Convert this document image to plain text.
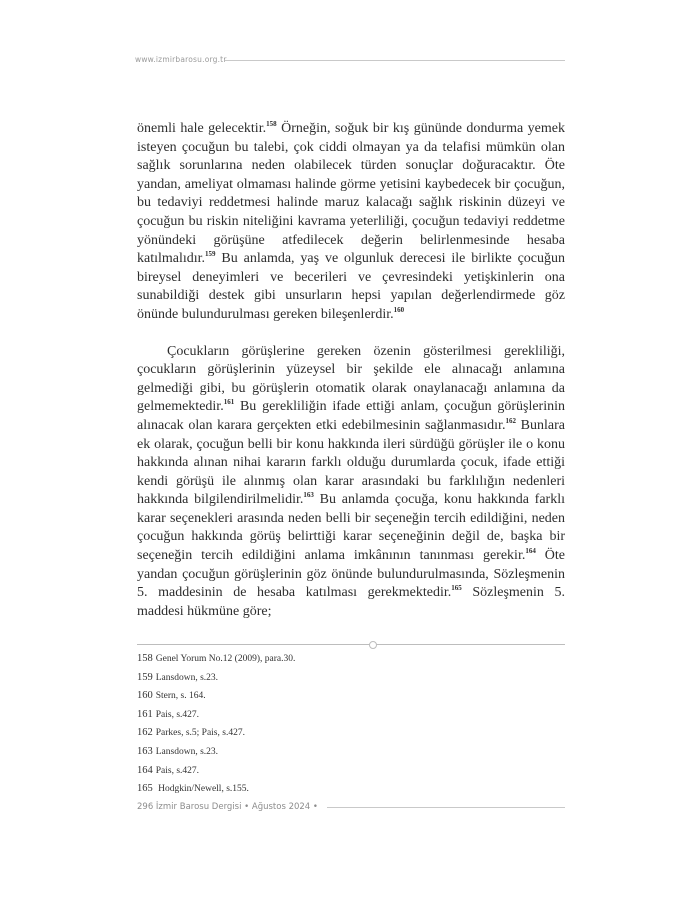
www.izmirbarosu.org.tr

önemli hale gelecektir.$^{158}$ Örneğin, soğuk bir kış gününde dondurma yemek isteyen çocuğun bu talebi, çok ciddi olmayan ya da telafisi mümkün olan sağlık sorunlarına neden olabilecek türden sonuçlar doğuracaktır. Öte yandan, ameliyat olmaması halinde görme yetisini kaybedecek bir çocuğun, bu tedaviyi reddetmesi halinde maruz kalacağı sağlık riskinin düzeyi ve çocuğun bu riskin niteliğini kavrama yeterliliği, çocuğun tedaviyi reddetme yönündeki görüşüne atfedilecek değerin belirlenmesinde hesaba katılmalıdır.$^{159}$ Bu anlamda, yaş ve olgunluk derecesi ile birlikte çocuğun bireysel deneyimleri ve becerileri ve çevresindeki yetişkinlerin ona sunabildiği destek gibi unsurların hepsi yapılan değerlendirmede göz önünde bulundurulması gereken bileşenlerdir.$^{160}$

Çocukların görüşlerine gereken özenin gösterilmesi gerekliliği, çocukların görüşlerinin yüzeysel bir şekilde ele alınacağı anlamına gelmediği gibi, bu görüşlerin otomatik olarak onaylanacağı anlamına da gelmemektedir.$^{161}$ Bu gerekliliğin ifade ettiği anlam, çocuğun görüşlerinin alınacak olan karara gerçekten etki edebilmesinin sağlanmasıdır.$^{162}$ Bunlara ek olarak, çocuğun belli bir konu hakkında ileri sürdüğü görüşler ile o konu hakkında alınan nihai kararın farklı olduğu durumlarda çocuk, ifade ettiği kendi görüşü ile alınmış olan karar arasındaki bu farklılığın nedenleri hakkında bilgilendirilmelidir.$^{163}$ Bu anlamda çocuğa, konu hakkında farklı karar seçenekleri arasında neden belli bir seçeneğin tercih edildiğini, neden çocuğun hakkında görüş belirttiği karar seçeneğinin değil de, başka bir seçeneğin tercih edildiğini anlama imkânının tanınması gerekir.$^{164}$ Öte yandan çocuğun görüşlerinin göz önünde bulundurulmasında, Sözleşmenin 5. maddesinin de hesaba katılması gerekmektedir.$^{165}$ Sözleşmenin 5. maddesi hükmüne göre;

158 Genel Yorum No.12 (2009), para.30.
159 Lansdown, s.23.
160 Stern, s. 164.
161 Pais, s.427.
162 Parkes, s.5; Pais, s.427.
163 Lansdown, s.23.
164 Pais, s.427.
165 Hodgkin/Newell, s.155.
296 İzmir Barosu Dergisi • Ağustos 2024 •
